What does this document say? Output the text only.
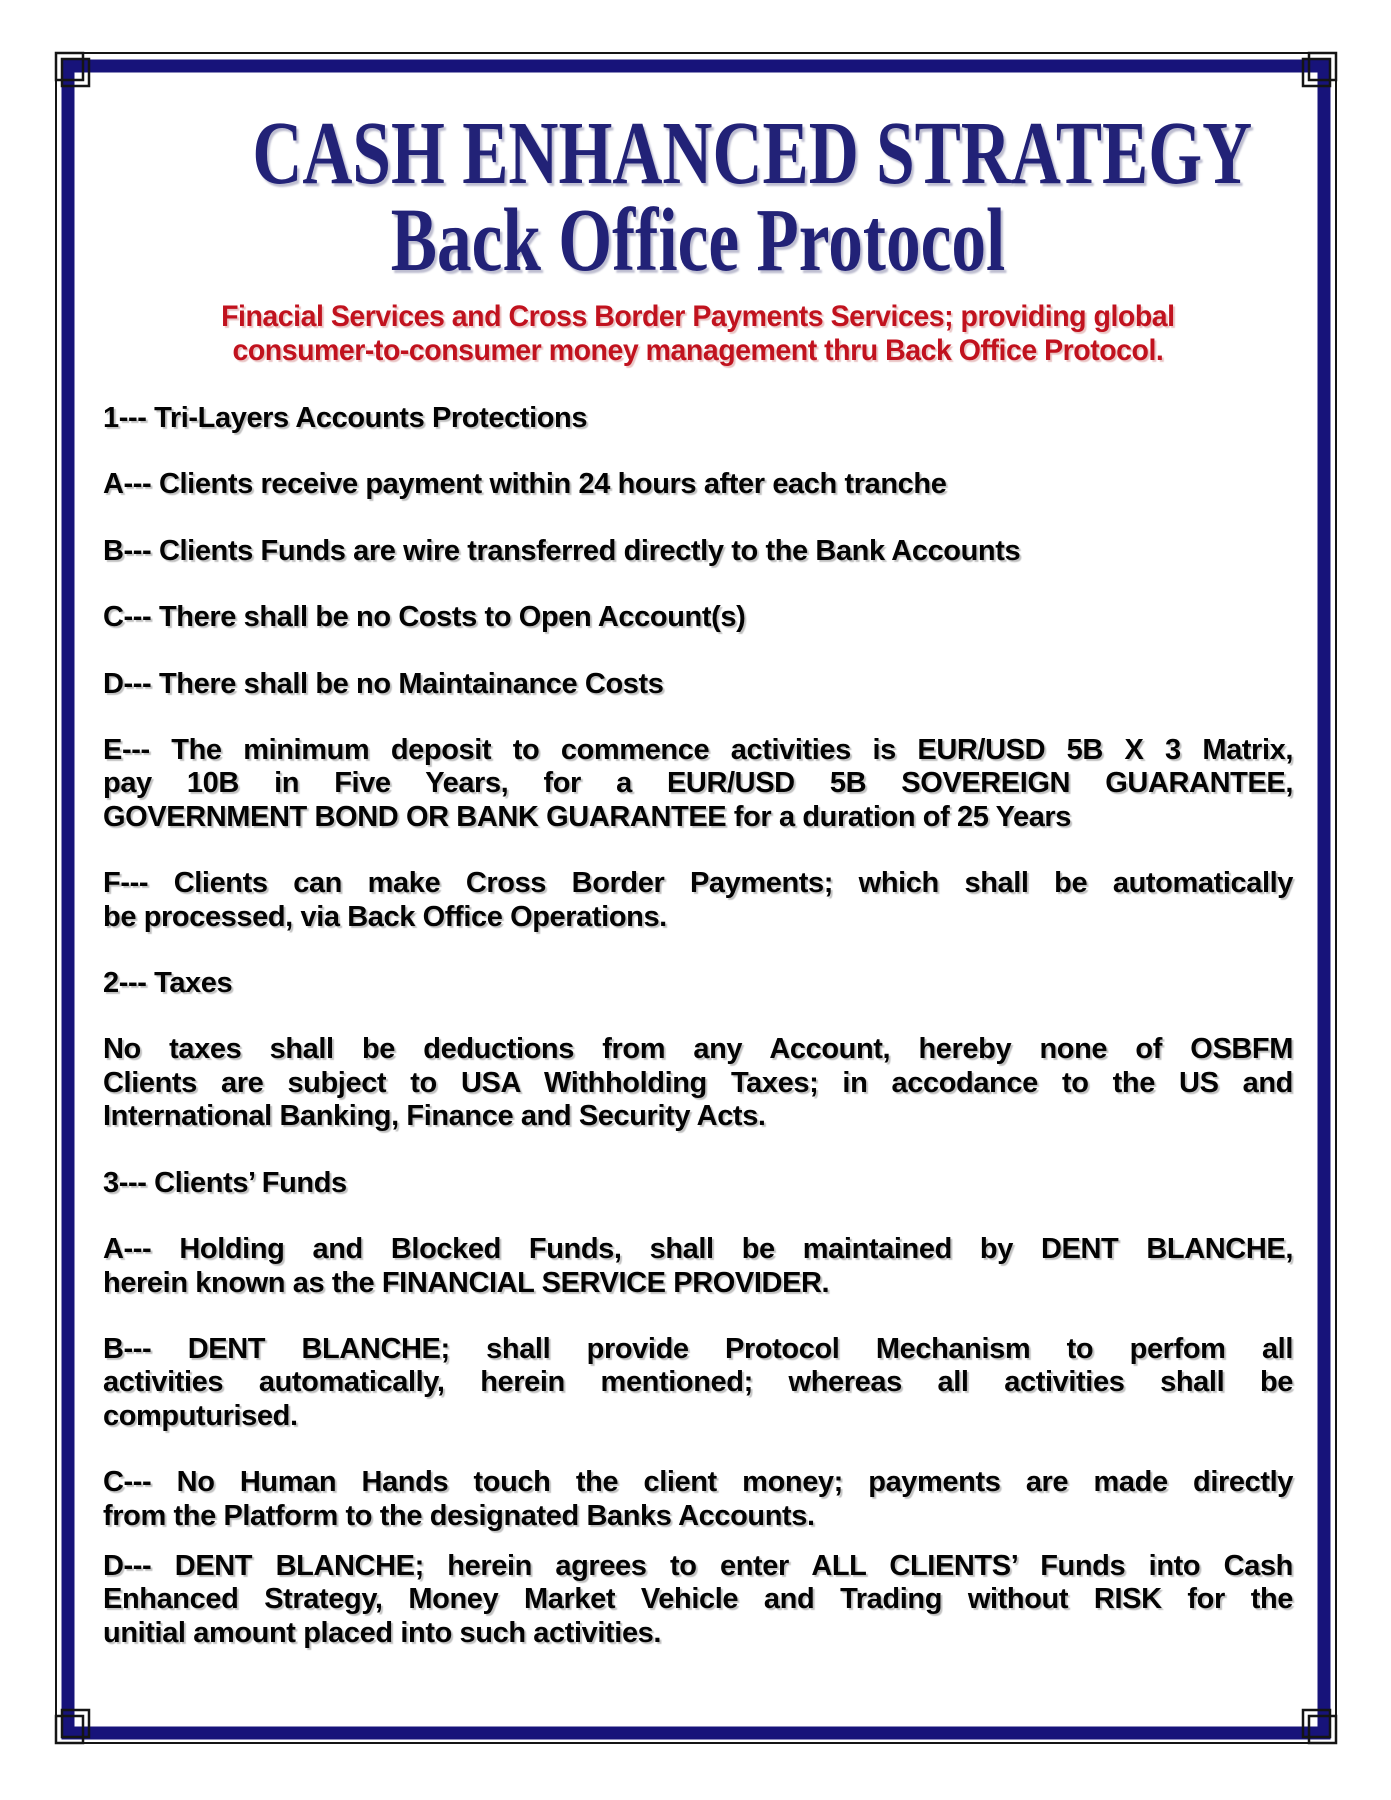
CASH ENHANCED STRATEGY
Back Office Protocol
Finacial Services and Cross Border Payments Services; providing global
consumer-to-consumer money management thru Back Office Protocol.
1--- Tri-Layers Accounts Protections
A--- Clients receive payment within 24 hours after each tranche
B--- Clients Funds are wire transferred directly to the Bank Accounts
C--- There shall be no Costs to Open Account(s)
D--- There shall be no Maintainance Costs
E--- The minimum deposit to commence activities is EUR/USD 5B X 3 Matrix,
pay 10B in Five Years, for a EUR/USD 5B SOVEREIGN GUARANTEE,
GOVERNMENT BOND OR BANK GUARANTEE for a duration of 25 Years
F--- Clients can make Cross Border Payments; which shall be automatically
be processed, via Back Office Operations.
2--- Taxes
No taxes shall be deductions from any Account, hereby none of OSBFM
Clients are subject to USA Withholding Taxes; in accodance to the US and
International Banking, Finance and Security Acts.
3--- Clients’ Funds
A--- Holding and Blocked Funds, shall be maintained by DENT BLANCHE,
herein known as the FINANCIAL SERVICE PROVIDER.
B--- DENT BLANCHE; shall provide Protocol Mechanism to perfom all
activities automatically, herein mentioned; whereas all activities shall be
computurised.
C--- No Human Hands touch the client money; payments are made directly
from the Platform to the designated Banks Accounts.
D--- DENT BLANCHE; herein agrees to enter ALL CLIENTS’ Funds into Cash
Enhanced Strategy, Money Market Vehicle and Trading without RISK for the
unitial amount placed into such activities.
